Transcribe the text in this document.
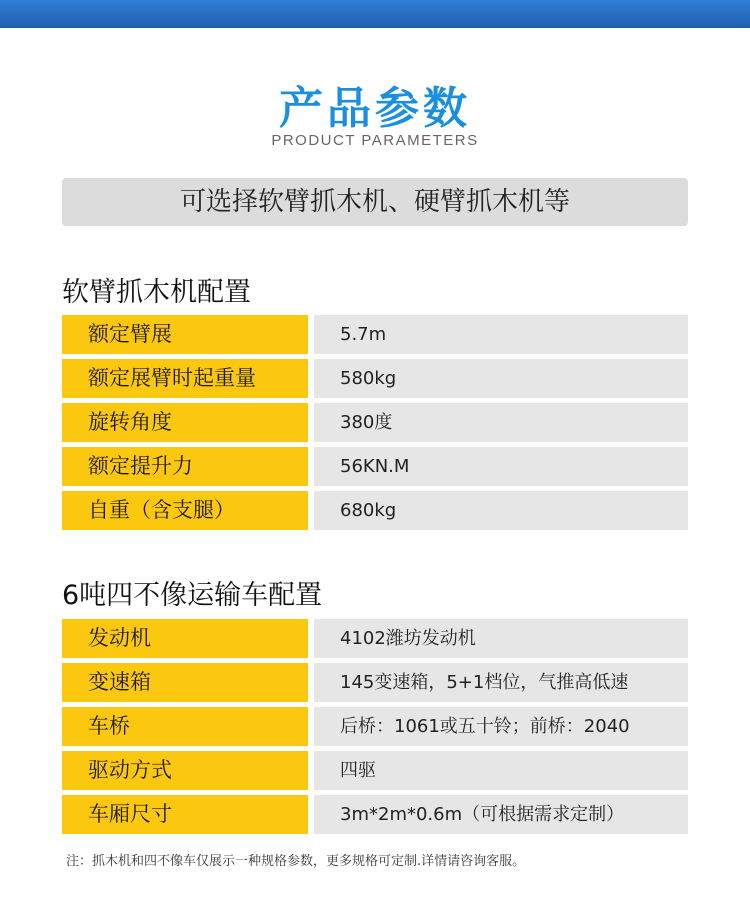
产品参数
PRODUCT PARAMETERS
可选择软臂抓木机、硬臂抓木机等
软臂抓木机配置
额定臂展	5.7m
额定展臂时起重量	580kg
旋转角度	380度
额定提升力	56KN.M
自重（含支腿）	680kg
6吨四不像运输车配置
发动机	4102潍坊发动机
变速箱	145变速箱，5+1档位，气推高低速
车桥	后桥：1061或五十铃；前桥：2040
驱动方式	四驱
车厢尺寸	3m*2m*0.6m（可根据需求定制）
注：抓木机和四不像车仅展示一种规格参数，更多规格可定制.详情请咨询客服。
